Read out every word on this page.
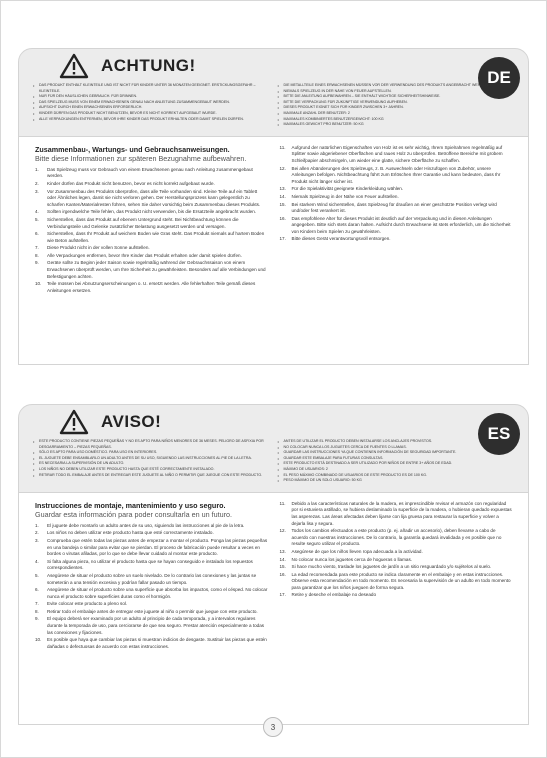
ACHTUNG!
DE
• DAS PRODUKT ENTHÄLT KLEINTEILE UND IST NICHT FÜR KINDER UNTER 36 MONATEN GEEIGNET. ERSTICKUNGSGEFAHR – KLEINTEILE.
• NUR FÜR DEN HÄUSLICHEN GEBRAUCH. FÜR DRINNEN.
• DAS SPIELZEUG MUSS VON EINEM ERWACHSENEN GENAU NACH ANLEITUNG ZUSAMMENGEBAUT WERDEN.
• AUFSICHT DURCH EINEN ERWACHSENEN ERFORDERLICH.
• KINDER DÜRFEN DAS PRODUKT NICHT BENUTZEN, BEVOR ES NICHT KORREKT AUFGEBAUT WURDE.
• ALLE VERPACKUNGEN ENTFERNEN, BEVOR IHRE KINDER DAS PRODUKT ERHALTEN ODER DAMIT SPIELEN DÜRFEN.
• DIE METALLTEILE EINES ERWACHSENEN MÜSSEN VOR DER VERWENDUNG DES PRODUKTS ANGEBRACHT WERDEN.
• NIEMALS SPIELZEUG IN DER NÄHE VON FEUER AUFSTELLEN.
• BITTE DIE ANLEITUNG AUFBEWAHREN – SIE ENTHÄLT WICHTIGE SICHERHEITSHINWEISE.
• BITTE DIE VERPACKUNG FÜR ZUKÜNFTIGE VERWENDUNG AUFHEBEN.
• DIESES PRODUKT EIGNET SICH FÜR KINDER ZWISCHEN 3+ JAHREN.
• MAXIMALE ANZAHL DER BENUTZER: 2
• MAXIMALES KOMBINIERTES BENUTZERGEWICHT: 100 KG
• MAXIMALES GEWICHT PRO BENUTZER: 50 KG
Zusammenbau-, Wartungs- und Gebrauchsanweisungen.
Bitte diese Informationen zur späteren Bezugnahme aufbewahren.
1.	Das Spielzeug muss vor Gebrauch von einem Erwachsenen genau nach Anleitung zusammengebaut werden.
2.	Kinder dürfen das Produkt nicht benutzen, bevor es nicht korrekt aufgebaut wurde.
3.	Vor Zusammenbau des Produkts überprüfen, dass alle Teile vorhanden sind. Kleine Teile auf ein Tablett oder Ähnliches legen, damit sie nicht verloren gehen. Der Herstellungsprozess kann gelegentlich zu scharfen Kanten/Materialresten führen, sehen Sie daher vorsichtig beim Zusammenbau dieses Produkts.
4.	Sollten irgendwelche Teile fehlen, das Produkt nicht verwenden, bis die Ersatzteile angebracht wurden.
5.	Sicherstellen, dass das Produkt auf ebenem Untergrund steht. Bei Nichtbeachtung können die Verbindungsteile und Gelenke zusätzlicher Belastung ausgesetzt werden und versagen.
6.	Sicherstellen, dass Ihr Produkt auf weichem Boden wie Gras steht. Das Produkt niemals auf hartem Boden wie Beton aufstellen.
7.	Diese Produkt nicht in der vollen Sonne aufstellen.
8.	Alle Verpackungen entfernen, bevor Ihre Kinder das Produkt erhalten oder damit spielen dürfen.
9.	Geräte sollte zu Beginn jeder Saison sowie regelmäßig während der Gebrauchssaison von einem Erwachsenen überprüft werden, um Ihre Sicherheit zu gewährleisten. Besonders auf alle Verbindungen und Befestigungen achten.
10.	Teile müssen bei Abnutzungserscheinungen o. U. ersetzt werden. Alle fehlerhaften Teile gemäß dieses Anleitungen ersetzen.
11.	Aufgrund der natürlichen Eigenschaften von Holz ist es sehr wichtig, Ihrem Spielrahmen regelmäßig auf Splitter sowie abgeriebener Oberflächen und raues Holz zu überprüfen. Betroffene Bereiche mit grobem Schleifpapier abschmirgeln, um wieder eine glatte, sichere Oberfläche zu schaffen.
12.	Bei allen Abänderungen des Spielzeugs, z. B. Auswechseln oder Hinzufügen von Zubehör, unsere Anleitungen befolgen. Nichtbeachtung führt zum Erlöschen Ihrer Garantie und kann bedeuten, dass Ihr Produkt nicht länger sicher ist.
13.	Für die Spielaktivität geeignete Kinderkleidung wählen.
14.	Niemals Spielzeug in der Nähe von Feuer aufstellen.
15.	Bei starkem Wind sicherstellen, dass Spielzeug für draußen an einer geschützte Position verlegt wird und/oder fest verankert ist.
16.	Das empfohlene Alter für dieses Produkt ist deutlich auf der Verpackung und in diesen Anleitungen angegeben. Bitte sich stets daran halten. Aufsicht durch Erwachsene ist stets erforderlich, um die Sicherheit von Kindern beim Spielen zu gewährleisten.
17.	Bitte dieses Gerät verantwortungsvoll entsorgen.
AVISO!
ES
• ESTE PRODUCTO CONTIENE PIEZAS PEQUEÑAS Y NO ES APTO PARA NIÑOS MENORES DE 36 MESES. PELIGRO DE ASFIXIA POR DESGARRAMIENTO – PIEZAS PEQUEÑAS.
• SÓLO ES APTO PARA USO DOMÉSTICO. PARA USO EN INTERIORES.
• EL JUGUETE DEBE ENSAMBLARLO UN ADULTO ANTES DE SU USO, SIGUIENDO LAS INSTRUCCIONES AL PIE DE LA LETRA.
• ES NECESARIA LA SUPERVISIÓN DE UN ADULTO.
• LOS NIÑOS NO DEBEN UTILIZAR ESTE PRODUCTO HASTA QUE ESTÉ CORRECTAMENTE INSTALADO.
• RETIRAR TODO EL EMBALAJE ANTES DE ENTREGAR ESTE JUGUETE AL NIÑO O PERMITIR QUE JUEGUE CON ESTE PRODUCTO.
• ANTES DE UTILIZAR EL PRODUCTO DEBEN INSTALARSE LOS ANCLAJES PROVISTOS.
• NO COLOCAR NUNCA LOS JUGUETES CERCA DE FUENTES O LLAMAS.
• GUARDAR LAS INSTRUCCIONES YA QUE CONTIENEN INFORMACIÓN DE SEGURIDAD IMPORTANTE.
• GUARDAR ESTE EMBALAJE PARA FUTURAS CONSULTAS.
• ESTE PRODUCTO ESTÁ DESTINADO A SER UTILIZADO POR NIÑOS DE ENTRE 3+ AÑOS DE EDAD.
• MÁXIMO DE USUARIOS: 2
• EL PESO MÁXIMO COMBINADO DE USUARIOS DE ESTE PRODUCTO ES DE 100 KG.
• PESO MÁXIMO DE UN SOLO USUARIO: 50 KG
Instrucciones de montaje, mantenimiento y uso seguro.
Guardar esta información para poder consultarla en un futuro.
1.	El juguete debe montarlo un adulto antes de su uso, siguiendo las instrucciones al pie de la letra.
2.	Los niños no deben utilizar este producto hasta que esté correctamente instalado.
3.	Comprueba que estén todas las piezas antes de empezar a montar el producto. Ponga las piezas pequeñas en una bandeja o similar para evitar que se pierdan. El proceso de fabricación puede resultar a veces en bordes o virutas afiladas, por lo que se debe llevar cuidado al montar este producto.
4.	Si falta alguna pieza, no utilizar el producto hasta que se hayan conseguido e instalado los repuestos correspondientes.
5.	Asegúrese de situar el producto sobre un suelo nivelado. De lo contrario las conexiones y las juntas se someterán a una tensión excesiva y podrían fallar pasado un tiempo.
6.	Asegúrese de situar el producto sobre una superficie que absorba los impactos, como el césped. No colocar nunca el producto sobre superficies duras como el hormigón.
7.	Evite colocar este producto a pleno sol.
8.	Retirar todo el embalaje antes de entregar este juguete al niño o permitir que juegue con este producto.
9.	El equipo deberá ser examinado por un adulto al principio de cada temporada, y a intervalos regulares durante la temporada de uso, para cerciorarse de que sea seguro. Prestar atención especialmente a todas las conexiones y fijaciones.
10.	Es posible que haya que cambiar las piezas si muestran indicios de desgaste. Sustituir las piezas que estén dañadas o defectuosas de acuerdo con estas instrucciones.
11.	Debido a las características naturales de la madera, es imprescindible revisar el armazón con regularidad por si estuviera astillado, se hubiera deslaminado la superficie de la madera, o hubieran quedado expuestas las asperezas. Las áreas afectadas deben lijarse con lija gruesa para restaurar la superficie y volver a dejarla lisa y segura.
12.	Todos los cambios efectuados a este producto (p. ej. añadir un accesorio), deben llevarse a cabo de acuerdo con nuestras instrucciones. De lo contrario, la garantía quedará invalidada y es posible que no resulte seguro utilizar el producto.
13.	Asegúrese de que los niños lleven ropa adecuada a la actividad.
14.	No colocar nunca los juguetes cerca de hogueras o llamas.
15.	Si hace mucho viento, traslade los juguetes de jardín a un sitio resguardado y/o sujételos al suelo.
16.	La edad recomendada para este producto se indica claramente en el embalaje y en estas instrucciones. Observe esta recomendación en todo momento. Es necesaria la supervisión de un adulto en todo momento para garantizar que los niños jueguen de forma segura.
17.	Retire y deseche el embalaje no deseado
3
